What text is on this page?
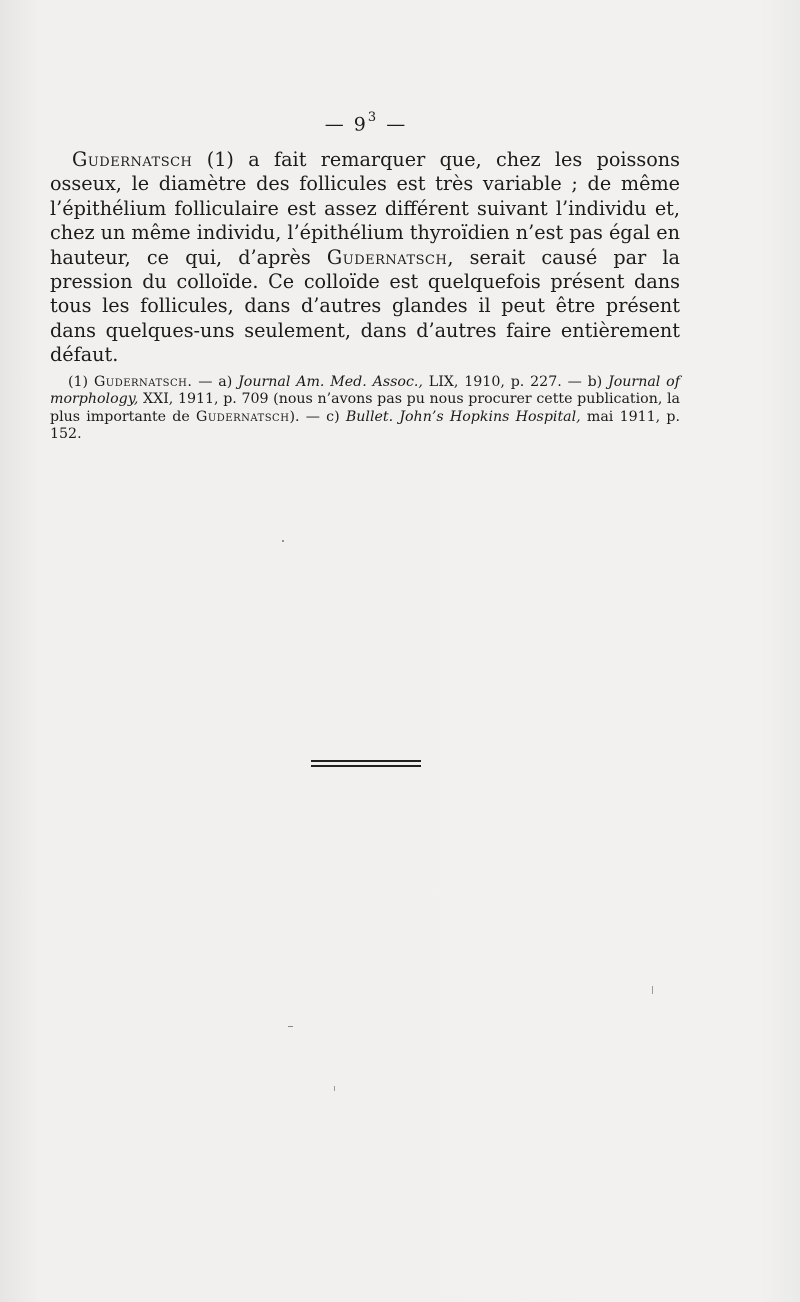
— $9^3$ —

Gudernatsch (1) a fait remarquer que, chez les poissons osseux, le diamètre des follicules est très variable ; de même l’épithélium folliculaire est assez différent suivant l’individu et, chez un même individu, l’épithélium thyroïdien n’est pas égal en hauteur, ce qui, d’après Gudernatsch, serait causé par la pression du colloïde. Ce colloïde est quelquefois présent dans tous les follicules, dans d’autres glandes il peut être présent dans quelques-uns seulement, dans d’autres faire entièrement défaut.

(1) Gudernatsch. — a) Journal Am. Med. Assoc., LIX, 1910, p. 227. — b) Journal of morphology, XXI, 1911, p. 709 (nous n’avons pas pu nous procurer cette publication, la plus importante de Gudernatsch). — c) Bullet. John’s Hopkins Hospital, mai 1911, p. 152.
